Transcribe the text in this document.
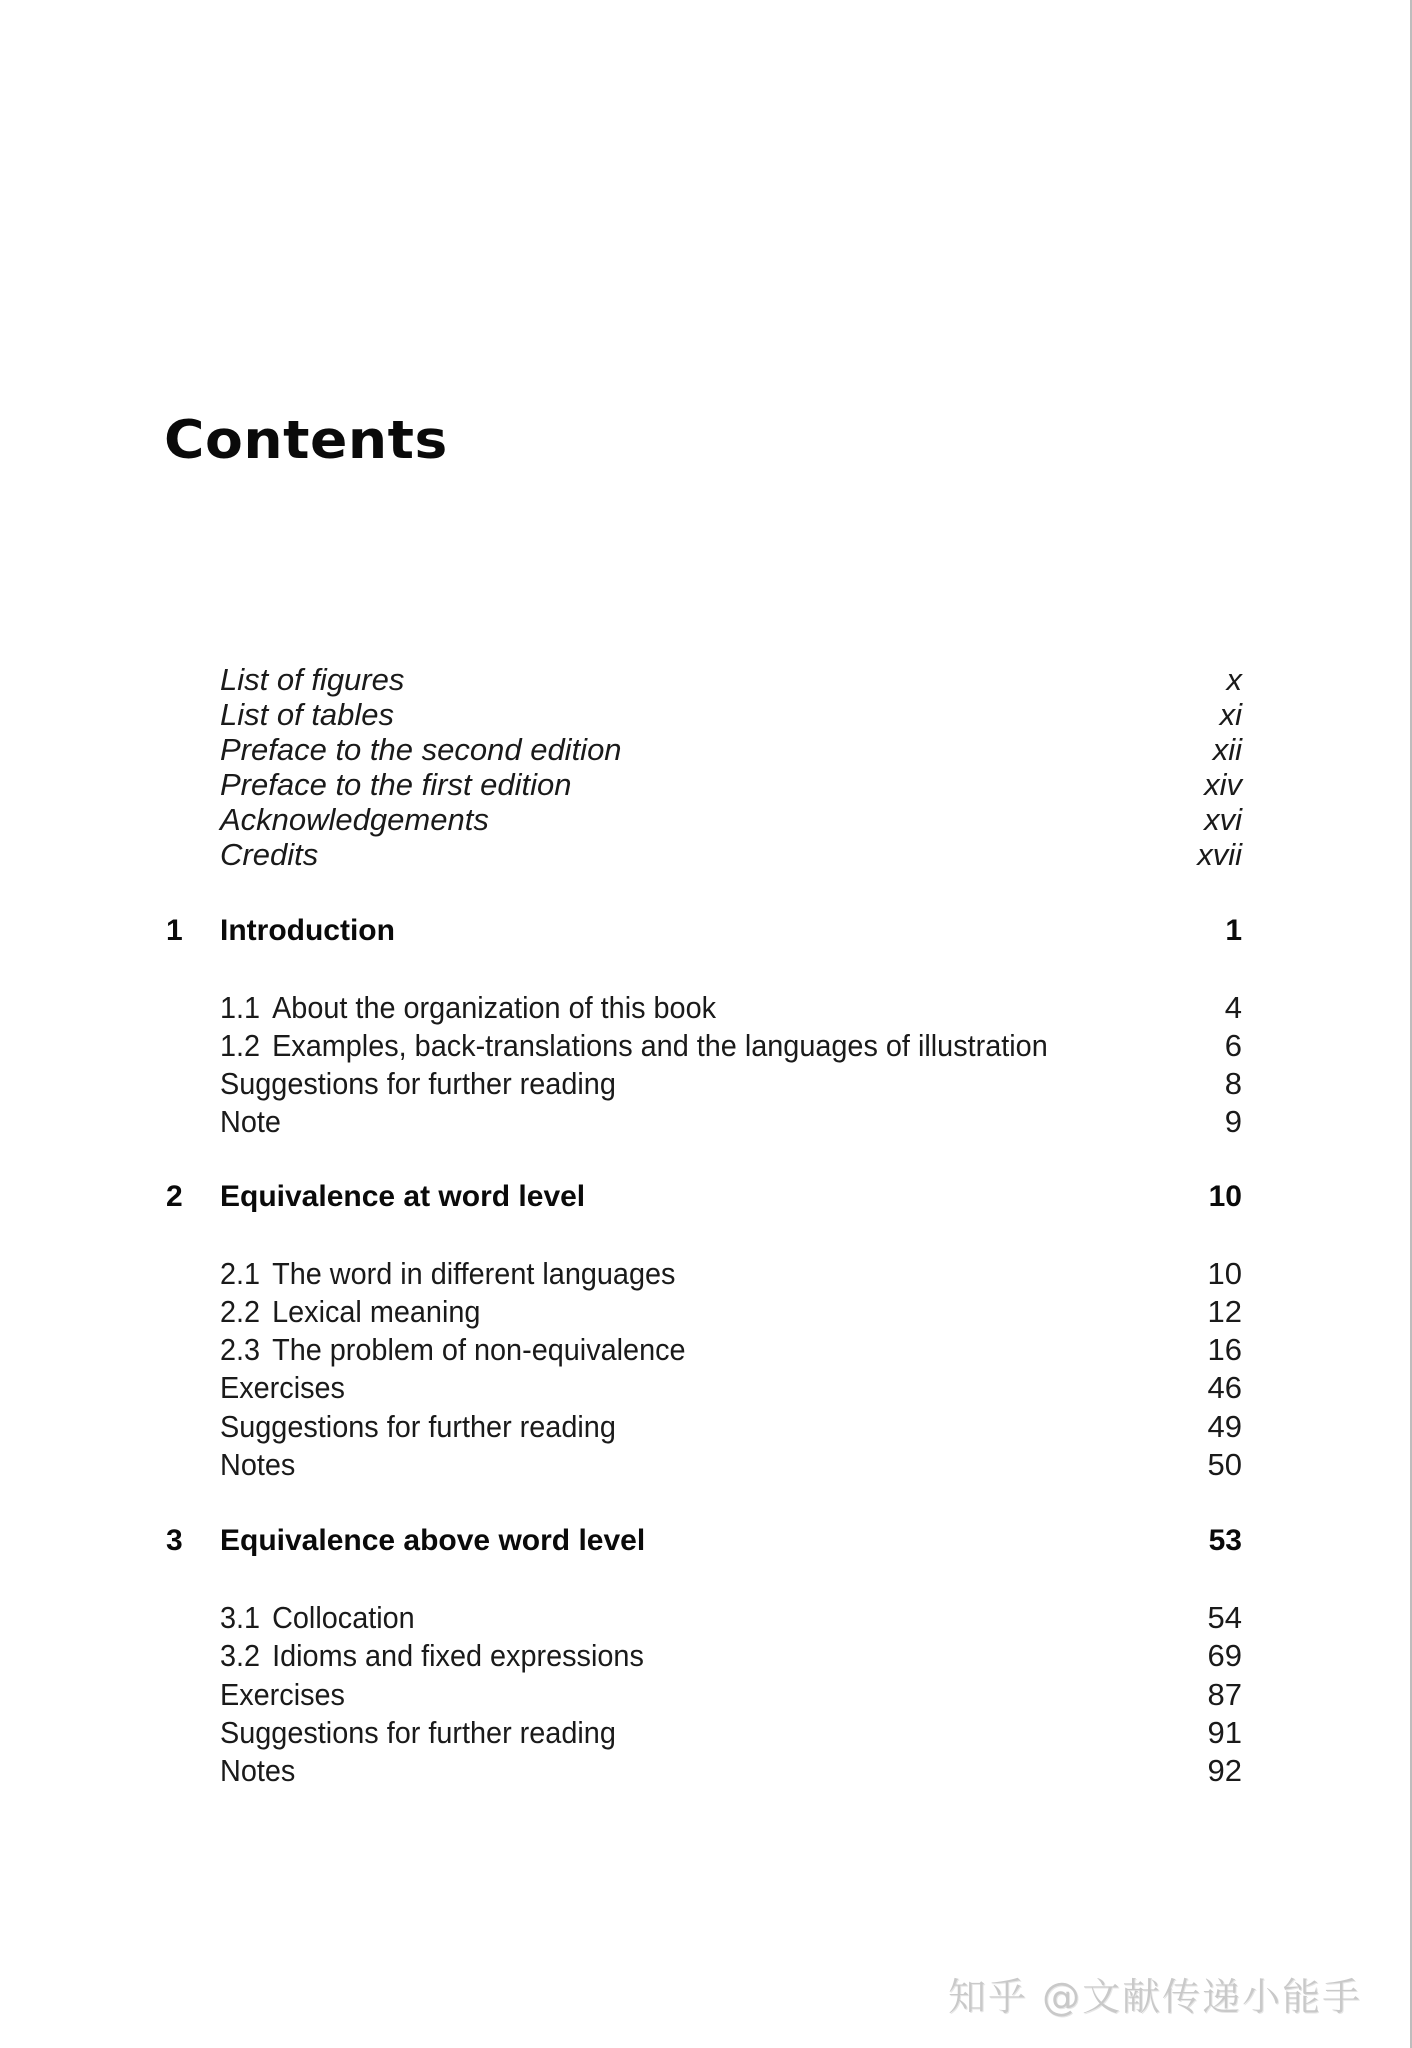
Contents
List of figures	x
List of tables	xi
Preface to the second edition	xii
Preface to the first edition	xiv
Acknowledgements	xvi
Credits	xvii
1 Introduction	1
1.1 About the organization of this book	4
1.2 Examples, back-translations and the languages of illustration	6
Suggestions for further reading	8
Note	9
2 Equivalence at word level	10
2.1 The word in different languages	10
2.2 Lexical meaning	12
2.3 The problem of non-equivalence	16
Exercises	46
Suggestions for further reading	49
Notes	50
3 Equivalence above word level	53
3.1 Collocation	54
3.2 Idioms and fixed expressions	69
Exercises	87
Suggestions for further reading	91
Notes	92
知乎 @文献传递小能手
